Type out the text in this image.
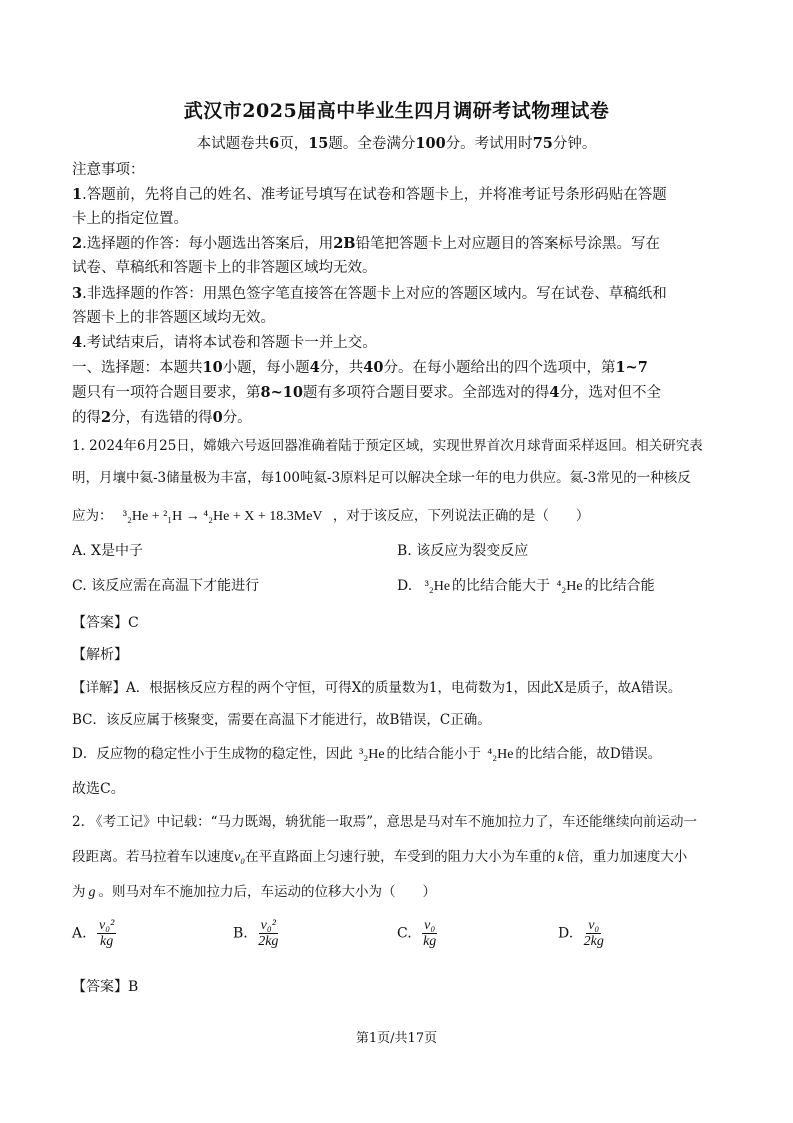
武汉市2025届高中毕业生四月调研考试物理试卷
本试题卷共6页，15题。全卷满分100分。考试用时75分钟。
注意事项：
1.答题前，先将自己的姓名、准考证号填写在试卷和答题卡上，并将准考证号条形码贴在答题
卡上的指定位置。
2.选择题的作答：每小题选出答案后，用2B铅笔把答题卡上对应题目的答案标号涂黑。写在
试卷、草稿纸和答题卡上的非答题区域均无效。
3.非选择题的作答：用黑色签字笔直接答在答题卡上对应的答题区域内。写在试卷、草稿纸和
答题卡上的非答题区域均无效。
4.考试结束后，请将本试卷和答题卡一并上交。
一、选择题：本题共10小题，每小题4分，共40分。在每小题给出的四个选项中，第1~7
题只有一项符合题目要求，第8~10题有多项符合题目要求。全部选对的得4分，选对但不全
的得2分，有选错的得0分。
1. 2024年6月25日，嫦娥六号返回器准确着陆于预定区域，实现世界首次月球背面采样返回。相关研究表
明，月壤中氦-3储量极为丰富，每100吨氦-3原料足可以解决全球一年的电力供应。氦-3常见的一种核反
应为： ³₂He + ²₁H → ⁴₂He + X + 18.3MeV ，对于该反应，下列说法正确的是（　　）
A. X是中子	B. 该反应为裂变反应
C. 该反应需在高温下才能进行	D. ³₂He 的比结合能大于 ⁴₂He 的比结合能
【答案】C
【解析】
【详解】A．根据核反应方程的两个守恒，可得X的质量数为1，电荷数为1，因此X是质子，故A错误。
BC．该反应属于核聚变，需要在高温下才能进行，故B错误，C正确。
D．反应物的稳定性小于生成物的稳定性，因此 ³₂He 的比结合能小于 ⁴₂He 的比结合能，故D错误。
故选C。
2. 《考工记》中记载：“马力既竭，辀犹能一取焉”，意思是马对车不施加拉力了，车还能继续向前运动一
段距离。若马拉着车以速度v₀在平直路面上匀速行驶，车受到的阻力大小为车重的 k 倍，重力加速度大小
为 g 。则马对车不施加拉力后，车运动的位移大小为（　　）
A. $\frac{\text{v₀²}}{kg}$	B. $\frac{\text{v₀²}}{2kg}$	C. $\frac{\text{v₀}}{kg}$	D. $\frac{\text{v₀}}{2kg}$
【答案】B
第1页/共17页
